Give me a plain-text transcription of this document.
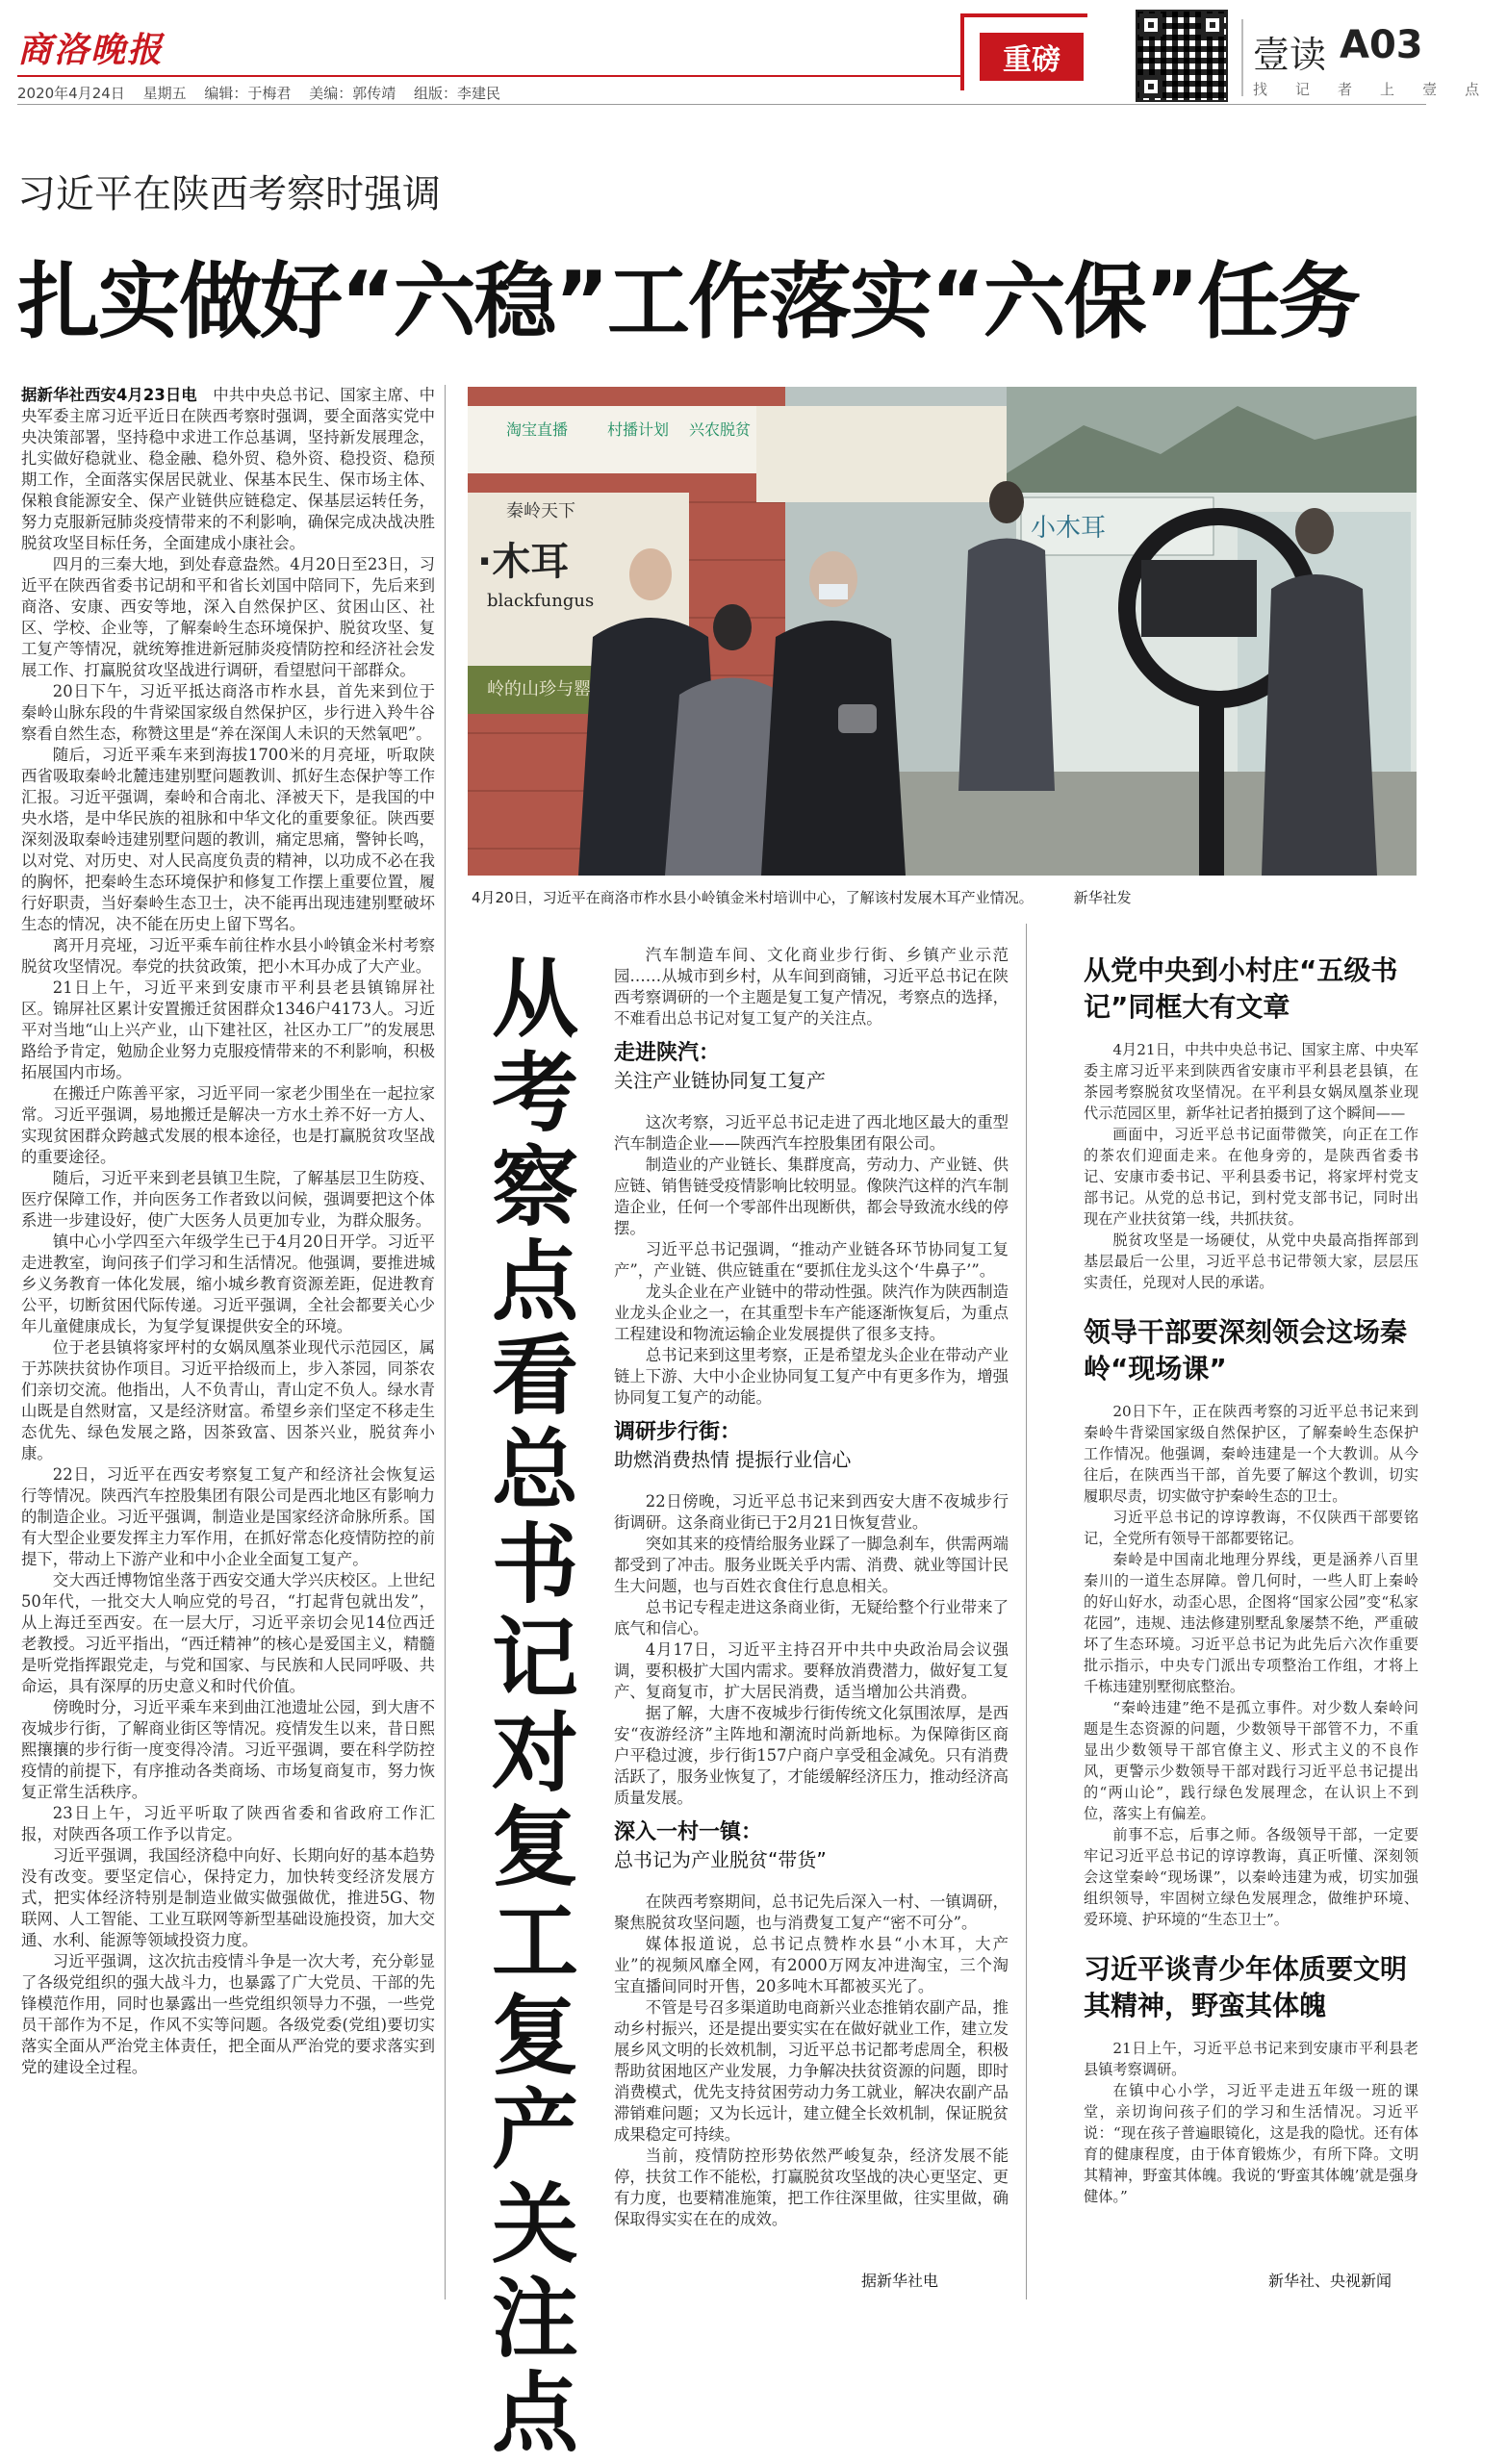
商洛晚报
2020年4月24日 星期五 编辑：于梅君 美编：郭传靖 组版：李建民
重磅	壹读 A03
找 记 者 上 壹 点
习近平在陕西考察时强调
扎实做好“六稳”工作落实“六保”任务
淘宝直播	村播计划 兴农脱贫
秦岭天下
·木耳
blackfungus
岭的山珍与罂
小木耳
4月20日，习近平在商洛市柞水县小岭镇金米村培训中心，了解该村发展木耳产业情况。	新华社发

据新华社西安4月23日电　 中共中央总书记、国家主席、中央军委主席习近平近日在陕西考察时强调，要全面落实党中央决策部署，坚持稳中求进工作总基调，坚持新发展理念，扎实做好稳就业、稳金融、稳外贸、稳外资、稳投资、稳预期工作，全面落实保居民就业、保基本民生、保市场主体、保粮食能源安全、保产业链供应链稳定、保基层运转任务，努力克服新冠肺炎疫情带来的不利影响，确保完成决战决胜脱贫攻坚目标任务，全面建成小康社会。

四月的三秦大地，到处春意盎然。4月20日至23日，习近平在陕西省委书记胡和平和省长刘国中陪同下，先后来到商洛、安康、西安等地，深入自然保护区、贫困山区、社区、学校、企业等，了解秦岭生态环境保护、脱贫攻坚、复工复产等情况，就统筹推进新冠肺炎疫情防控和经济社会发展工作、打赢脱贫攻坚战进行调研，看望慰问干部群众。

20日下午，习近平抵达商洛市柞水县，首先来到位于秦岭山脉东段的牛背梁国家级自然保护区，步行进入羚牛谷察看自然生态，称赞这里是“养在深闺人未识的天然氧吧”。

随后，习近平乘车来到海拔1700米的月亮垭，听取陕西省吸取秦岭北麓违建别墅问题教训、抓好生态保护等工作汇报。习近平强调，秦岭和合南北、泽被天下，是我国的中央水塔，是中华民族的祖脉和中华文化的重要象征。陕西要深刻汲取秦岭违建别墅问题的教训，痛定思痛，警钟长鸣，以对党、对历史、对人民高度负责的精神，以功成不必在我的胸怀，把秦岭生态环境保护和修复工作摆上重要位置，履行好职责，当好秦岭生态卫士，决不能再出现违建别墅破坏生态的情况，决不能在历史上留下骂名。

离开月亮垭，习近平乘车前往柞水县小岭镇金米村考察脱贫攻坚情况。奉党的扶贫政策，把小木耳办成了大产业。

21日上午，习近平来到安康市平利县老县镇锦屏社区。锦屏社区累计安置搬迁贫困群众1346户4173人。习近平对当地“山上兴产业，山下建社区，社区办工厂”的发展思路给予肯定，勉励企业努力克服疫情带来的不利影响，积极拓展国内市场。

在搬迁户陈善平家，习近平同一家老少围坐在一起拉家常。习近平强调，易地搬迁是解决一方水土养不好一方人、实现贫困群众跨越式发展的根本途径，也是打赢脱贫攻坚战的重要途径。

随后，习近平来到老县镇卫生院，了解基层卫生防疫、医疗保障工作，并向医务工作者致以问候，强调要把这个体系进一步建设好，使广大医务人员更加专业，为群众服务。

镇中心小学四至六年级学生已于4月20日开学。习近平走进教室，询问孩子们学习和生活情况。他强调，要推进城乡义务教育一体化发展，缩小城乡教育资源差距，促进教育公平，切断贫困代际传递。习近平强调，全社会都要关心少年儿童健康成长，为复学复课提供安全的环境。

位于老县镇将家坪村的女娲凤凰茶业现代示范园区，属于苏陕扶贫协作项目。习近平拾级而上，步入茶园，同茶农们亲切交流。他指出，人不负青山，青山定不负人。绿水青山既是自然财富，又是经济财富。希望乡亲们坚定不移走生态优先、绿色发展之路，因茶致富、因茶兴业，脱贫奔小康。

22日，习近平在西安考察复工复产和经济社会恢复运行等情况。陕西汽车控股集团有限公司是西北地区有影响力的制造企业。习近平强调，制造业是国家经济命脉所系。国有大型企业要发挥主力军作用，在抓好常态化疫情防控的前提下，带动上下游产业和中小企业全面复工复产。

交大西迁博物馆坐落于西安交通大学兴庆校区。上世纪50年代，一批交大人响应党的号召，“打起背包就出发”，从上海迁至西安。在一层大厅，习近平亲切会见14位西迁老教授。习近平指出，“西迁精神”的核心是爱国主义，精髓是听党指挥跟党走，与党和国家、与民族和人民同呼吸、共命运，具有深厚的历史意义和时代价值。

傍晚时分，习近平乘车来到曲江池遗址公园，到大唐不夜城步行街，了解商业街区等情况。疫情发生以来，昔日熙熙攘攘的步行街一度变得冷清。习近平强调，要在科学防控疫情的前提下，有序推动各类商场、市场复商复市，努力恢复正常生活秩序。

23日上午，习近平听取了陕西省委和省政府工作汇报，对陕西各项工作予以肯定。

习近平强调，我国经济稳中向好、长期向好的基本趋势没有改变。要坚定信心，保持定力，加快转变经济发展方式，把实体经济特别是制造业做实做强做优，推进5G、物联网、人工智能、工业互联网等新型基础设施投资，加大交通、水利、能源等领域投资力度。

习近平强调，这次抗击疫情斗争是一次大考，充分彰显了各级党组织的强大战斗力，也暴露了广大党员、干部的先锋模范作用，同时也暴露出一些党组织领导力不强，一些党员干部作为不足，作风不实等问题。各级党委(党组)要切实落实全面从严治党主体责任，把全面从严治党的要求落实到党的建设全过程。

从考察点看总书记对复工复产关注点

汽车制造车间、文化商业步行街、乡镇产业示范园……从城市到乡村，从车间到商铺，习近平总书记在陕西考察调研的一个主题是复工复产情况，考察点的选择，不难看出总书记对复工复产的关注点。

走进陕汽：
关注产业链协同复工复产

这次考察，习近平总书记走进了西北地区最大的重型汽车制造企业——陕西汽车控股集团有限公司。

制造业的产业链长、集群度高，劳动力、产业链、供应链、销售链受疫情影响比较明显。像陕汽这样的汽车制造企业，任何一个零部件出现断供，都会导致流水线的停摆。

习近平总书记强调，“推动产业链各环节协同复工复产”，产业链、供应链重在“要抓住龙头这个‘牛鼻子’”。

龙头企业在产业链中的带动性强。陕汽作为陕西制造业龙头企业之一，在其重型卡车产能逐渐恢复后，为重点工程建设和物流运输企业发展提供了很多支持。

总书记来到这里考察，正是希望龙头企业在带动产业链上下游、大中小企业协同复工复产中有更多作为，增强协同复工复产的动能。

调研步行街：
助燃消费热情 提振行业信心

22日傍晚，习近平总书记来到西安大唐不夜城步行街调研。这条商业街已于2月21日恢复营业。

突如其来的疫情给服务业踩了一脚急刹车，供需两端都受到了冲击。服务业既关乎内需、消费、就业等国计民生大问题，也与百姓衣食住行息息相关。

总书记专程走进这条商业街，无疑给整个行业带来了底气和信心。

4月17日，习近平主持召开中共中央政治局会议强调，要积极扩大国内需求。要释放消费潜力，做好复工复产、复商复市，扩大居民消费，适当增加公共消费。

据了解，大唐不夜城步行街传统文化氛围浓厚，是西安“夜游经济”主阵地和潮流时尚新地标。为保障街区商户平稳过渡，步行街157户商户享受租金减免。只有消费活跃了，服务业恢复了，才能缓解经济压力，推动经济高质量发展。

深入一村一镇：
总书记为产业脱贫“带货”

在陕西考察期间，总书记先后深入一村、一镇调研，聚焦脱贫攻坚问题，也与消费复工复产“密不可分”。

媒体报道说，总书记点赞柞水县“小木耳，大产业”的视频风靡全网，有2000万网友冲进淘宝，三个淘宝直播间同时开售，20多吨木耳都被买光了。

不管是号召多渠道助电商新兴业态推销农副产品，推动乡村振兴，还是提出要实实在在做好就业工作，建立发展乡风文明的长效机制，习近平总书记都考虑周全，积极帮助贫困地区产业发展，力争解决扶贫资源的问题，即时消费模式，优先支持贫困劳动力务工就业，解决农副产品滞销难问题；又为长远计，建立健全长效机制，保证脱贫成果稳定可持续。

当前，疫情防控形势依然严峻复杂，经济发展不能停，扶贫工作不能松，打赢脱贫攻坚战的决心更坚定、更有力度，也要精准施策，把工作往深里做，往实里做，确保取得实实在在的成效。

据新华社电
从党中央到小村庄“五级书记”同框大有文章

4月21日，中共中央总书记、国家主席、中央军委主席习近平来到陕西省安康市平利县老县镇，在茶园考察脱贫攻坚情况。在平利县女娲凤凰茶业现代示范园区里，新华社记者拍摄到了这个瞬间——

画面中，习近平总书记面带微笑，向正在工作的茶农们迎面走来。在他身旁的，是陕西省委书记、安康市委书记、平利县委书记，将家坪村党支部书记。从党的总书记，到村党支部书记，同时出现在产业扶贫第一线，共抓扶贫。

脱贫攻坚是一场硬仗，从党中央最高指挥部到基层最后一公里，习近平总书记带领大家，层层压实责任，兑现对人民的承诺。

领导干部要深刻领会这场秦岭“现场课”

20日下午，正在陕西考察的习近平总书记来到秦岭牛背梁国家级自然保护区，了解秦岭生态保护工作情况。他强调，秦岭违建是一个大教训。从今往后，在陕西当干部，首先要了解这个教训，切实履职尽责，切实做守护秦岭生态的卫士。

习近平总书记的谆谆教诲，不仅陕西干部要铭记，全党所有领导干部都要铭记。

秦岭是中国南北地理分界线，更是涵养八百里秦川的一道生态屏障。曾几何时，一些人盯上秦岭的好山好水，动歪心思，企图将“国家公园”变“私家花园”，违规、违法修建别墅乱象屡禁不绝，严重破坏了生态环境。习近平总书记为此先后六次作重要批示指示，中央专门派出专项整治工作组，才将上千栋违建别墅彻底整治。

“秦岭违建”绝不是孤立事件。对少数人秦岭问题是生态资源的问题，少数领导干部管不力，不重显出少数领导干部官僚主义、形式主义的不良作风，更警示少数领导干部对践行习近平总书记提出的“两山论”，践行绿色发展理念，在认识上不到位，落实上有偏差。

前事不忘，后事之师。各级领导干部，一定要牢记习近平总书记的谆谆教诲，真正听懂、深刻领会这堂秦岭“现场课”，以秦岭违建为戒，切实加强组织领导，牢固树立绿色发展理念，做维护环境、爱环境、护环境的“生态卫士”。

习近平谈青少年体质要文明其精神，野蛮其体魄

21日上午，习近平总书记来到安康市平利县老县镇考察调研。

在镇中心小学，习近平走进五年级一班的课堂，亲切询问孩子们的学习和生活情况。习近平说：“现在孩子普遍眼镜化，这是我的隐忧。还有体育的健康程度，由于体育锻炼少，有所下降。文明其精神，野蛮其体魄。我说的‘野蛮其体魄’就是强身健体。”

新华社、央视新闻
